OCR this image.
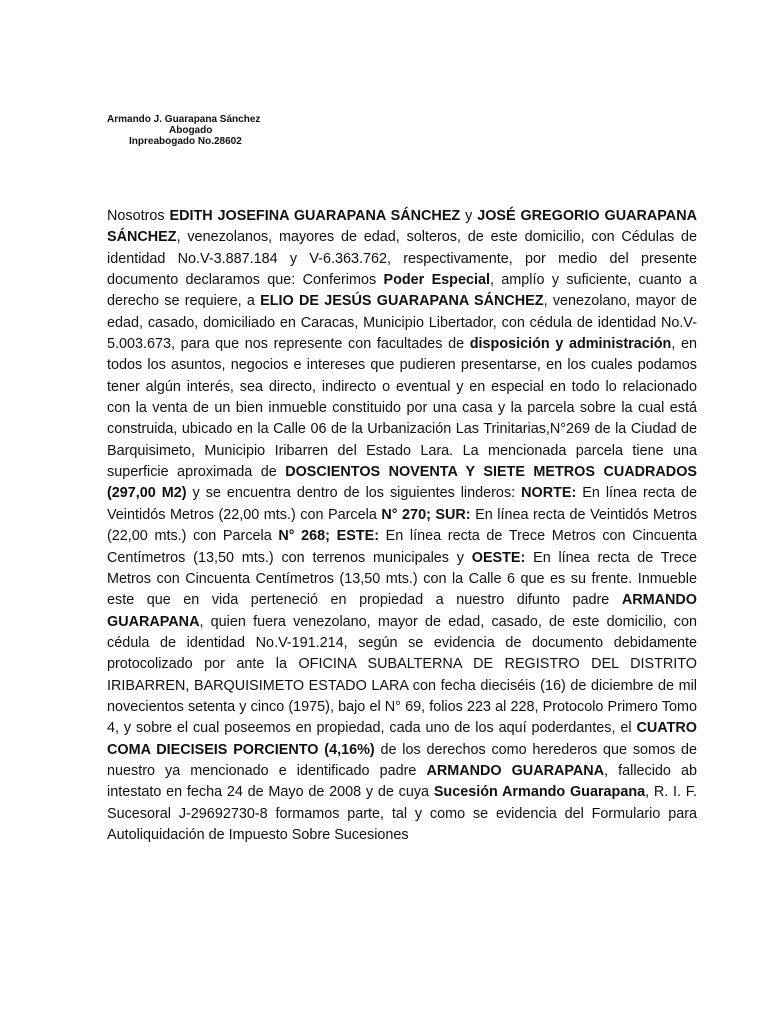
Armando J. Guarapana Sánchez
Abogado
Inpreabogado No.28602

Nosotros EDITH JOSEFINA GUARAPANA SÁNCHEZ y JOSÉ GREGORIO GUARAPANA SÁNCHEZ, venezolanos, mayores de edad, solteros, de este domicilio, con Cédulas de identidad No.V-3.887.184 y V-6.363.762, respectivamente, por medio del presente documento declaramos que: Conferimos Poder Especial, amplío y suficiente, cuanto a derecho se requiere, a ELIO DE JESÚS GUARAPANA SÁNCHEZ, venezolano, mayor de edad, casado, domiciliado en Caracas, Municipio Libertador, con cédula de identidad No.V-5.003.673, para que nos represente con facultades de disposición y administración, en todos los asuntos, negocios e intereses que pudieren presentarse, en los cuales podamos tener algún interés, sea directo, indirecto o eventual y en especial en todo lo relacionado con la venta de un bien inmueble constituido por una casa y la parcela sobre la cual está construida, ubicado en la Calle 06 de la Urbanización Las Trinitarias,N°269 de la Ciudad de Barquisimeto, Municipio Iribarren del Estado Lara. La mencionada parcela tiene una superficie aproximada de DOSCIENTOS NOVENTA Y SIETE METROS CUADRADOS (297,00 M2) y se encuentra dentro de los siguientes linderos: NORTE: En línea recta de Veintidós Metros (22,00 mts.) con Parcela N° 270; SUR: En línea recta de Veintidós Metros (22,00 mts.) con Parcela N° 268; ESTE: En línea recta de Trece Metros con Cincuenta Centímetros (13,50 mts.) con terrenos municipales y OESTE: En línea recta de Trece Metros con Cincuenta Centímetros (13,50 mts.) con la Calle 6 que es su frente. Inmueble este que en vida perteneció en propiedad a nuestro difunto padre ARMANDO GUARAPANA, quien fuera venezolano, mayor de edad, casado, de este domicilio, con cédula de identidad No.V-191.214, según se evidencia de documento debidamente protocolizado por ante la OFICINA SUBALTERNA DE REGISTRO DEL DISTRITO IRIBARREN, BARQUISIMETO ESTADO LARA con fecha dieciséis (16) de diciembre de mil novecientos setenta y cinco (1975), bajo el N° 69, folios 223 al 228, Protocolo Primero Tomo 4, y sobre el cual poseemos en propiedad, cada uno de los aquí poderdantes, el CUATRO COMA DIECISEIS PORCIENTO (4,16%) de los derechos como herederos que somos de nuestro ya mencionado e identificado padre ARMANDO GUARAPANA, fallecido ab intestato en fecha 24 de Mayo de 2008 y de cuya Sucesión Armando Guarapana, R. I. F. Sucesoral J-29692730-8 formamos parte, tal y como se evidencia del Formulario para Autoliquidación de Impuesto Sobre Sucesiones
